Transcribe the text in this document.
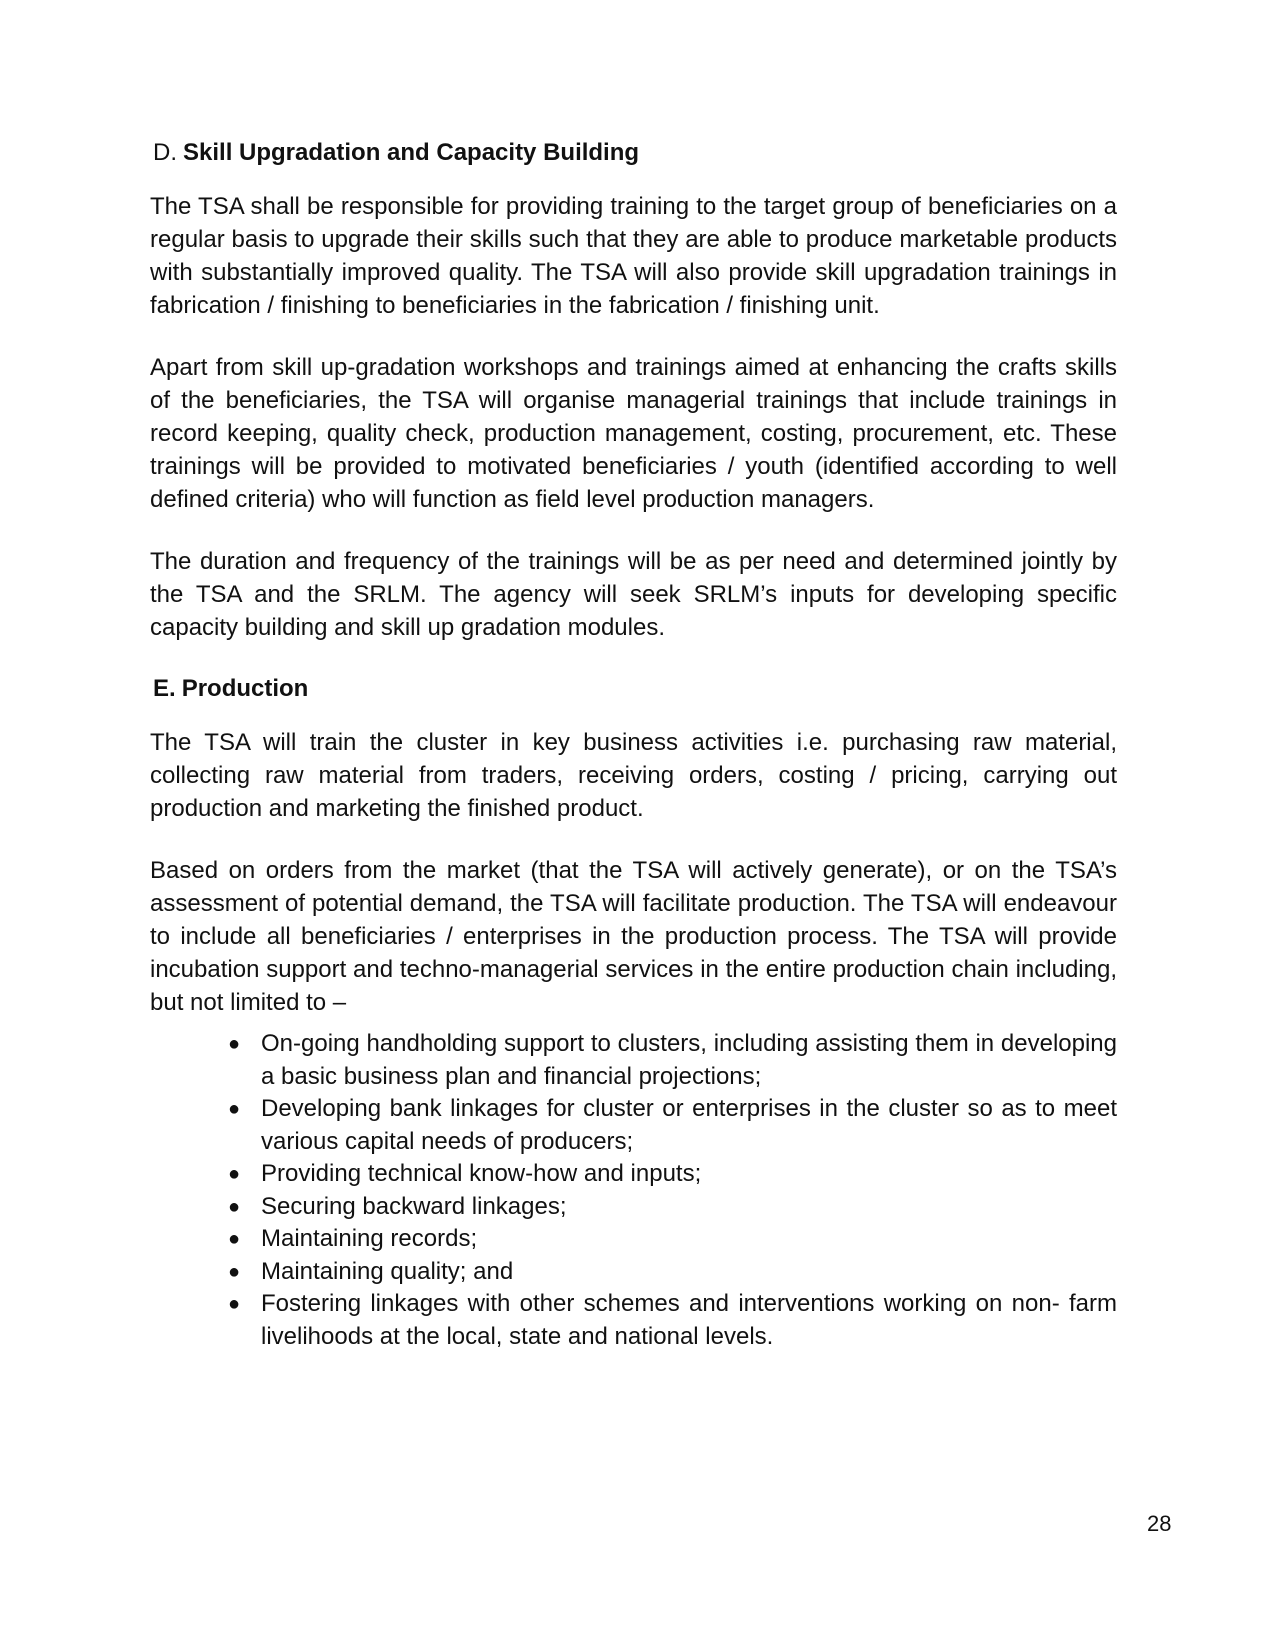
D. Skill Upgradation and Capacity Building

The TSA shall be responsible for providing training to the target group of beneficiaries on a regular basis to upgrade their skills such that they are able to produce marketable products with substantially improved quality. The TSA will also provide skill upgradation trainings in fabrication / finishing to beneficiaries in the fabrication / finishing unit.

Apart from skill up-gradation workshops and trainings aimed at enhancing the crafts skills of the beneficiaries, the TSA will organise managerial trainings that include trainings in record keeping, quality check, production management, costing, procurement, etc. These trainings will be provided to motivated beneficiaries / youth (identified according to well defined criteria) who will function as field level production managers.

The duration and frequency of the trainings will be as per need and determined jointly by the TSA and the SRLM. The agency will seek SRLM’s inputs for developing specific capacity building and skill up gradation modules.

E. Production

The TSA will train the cluster in key business activities i.e. purchasing raw material, collecting raw material from traders, receiving orders, costing / pricing, carrying out production and marketing the finished product.

Based on orders from the market (that the TSA will actively generate), or on the TSA’s assessment of potential demand, the TSA will facilitate production. The TSA will endeavour to include all beneficiaries / enterprises in the production process. The TSA will provide incubation support and techno-managerial services in the entire production chain including, but not limited to –

● On-going handholding support to clusters, including assisting them in developing a basic business plan and financial projections;
● Developing bank linkages for cluster or enterprises in the cluster so as to meet various capital needs of producers;
● Providing technical know-how and inputs;
● Securing backward linkages;
● Maintaining records;
● Maintaining quality; and
● Fostering linkages with other schemes and interventions working on non- farm livelihoods at the local, state and national levels.
28
